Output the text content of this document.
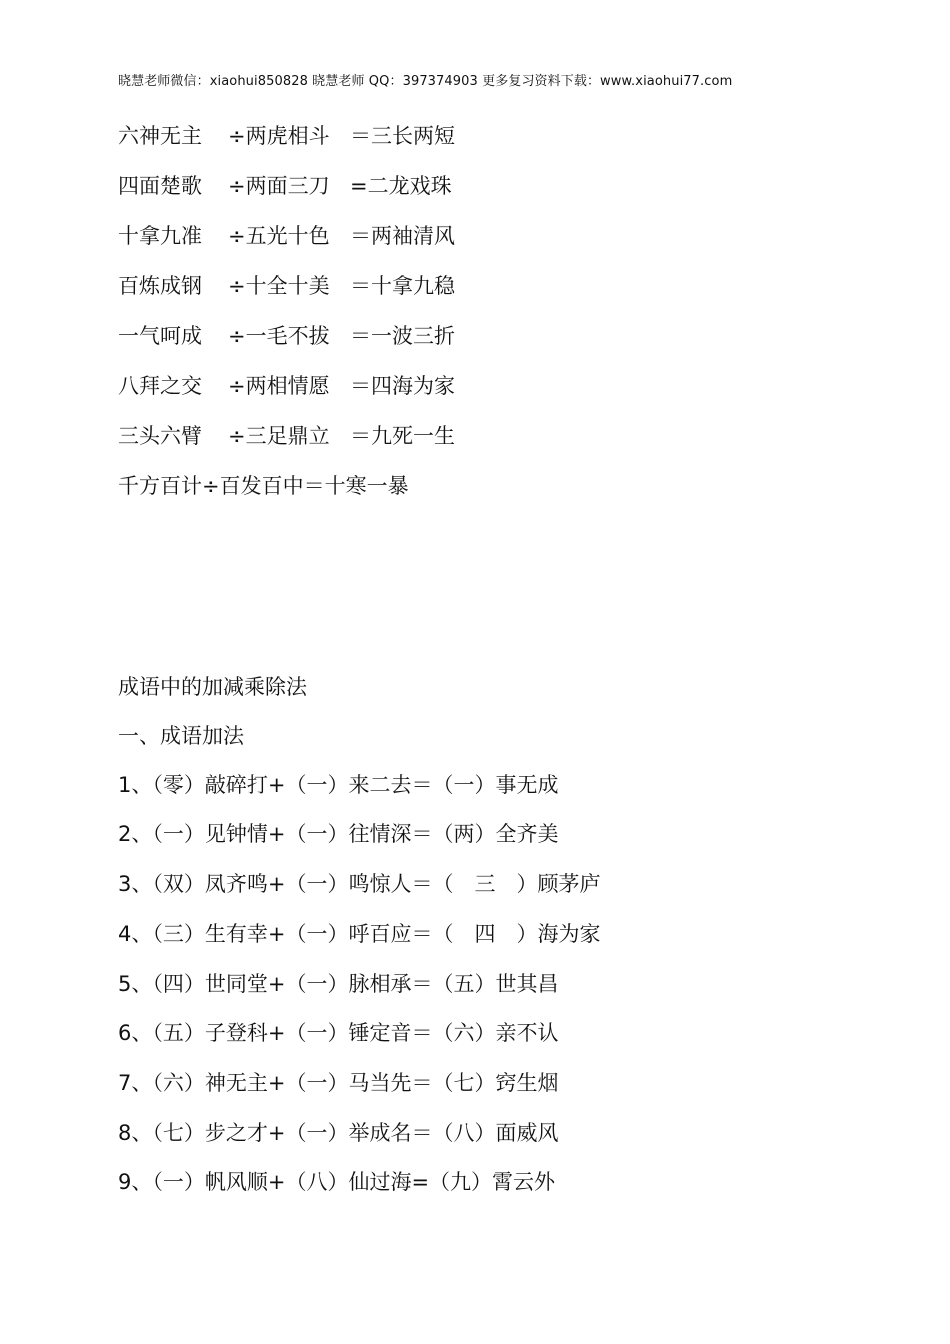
晓慧老师微信：xiaohui850828 晓慧老师 QQ：397374903 更多复习资料下载：www.xiaohui77.com
六神无主 ÷两虎相斗 ＝三长两短
四面楚歌 ÷两面三刀 =二龙戏珠
十拿九准 ÷五光十色 ＝两袖清风
百炼成钢 ÷十全十美 ＝十拿九稳
一气呵成 ÷一毛不拔 ＝一波三折
八拜之交 ÷两相情愿 ＝四海为家
三头六臂 ÷三足鼎立 ＝九死一生
千方百计÷百发百中＝十寒一暴
成语中的加减乘除法
一、成语加法
1、（零）敲碎打+（一）来二去＝（一）事无成
2、（一）见钟情+（一）往情深＝（两）全齐美
3、（双）凤齐鸣+（一）鸣惊人＝（　三　）顾茅庐
4、（三）生有幸+（一）呼百应＝（　四　）海为家
5、（四）世同堂+（一）脉相承＝（五）世其昌
6、（五）子登科+（一）锤定音＝（六）亲不认
7、（六）神无主+（一）马当先＝（七）窍生烟
8、（七）步之才+（一）举成名＝（八）面威风
9、（一）帆风顺+（八）仙过海=（九）霄云外
